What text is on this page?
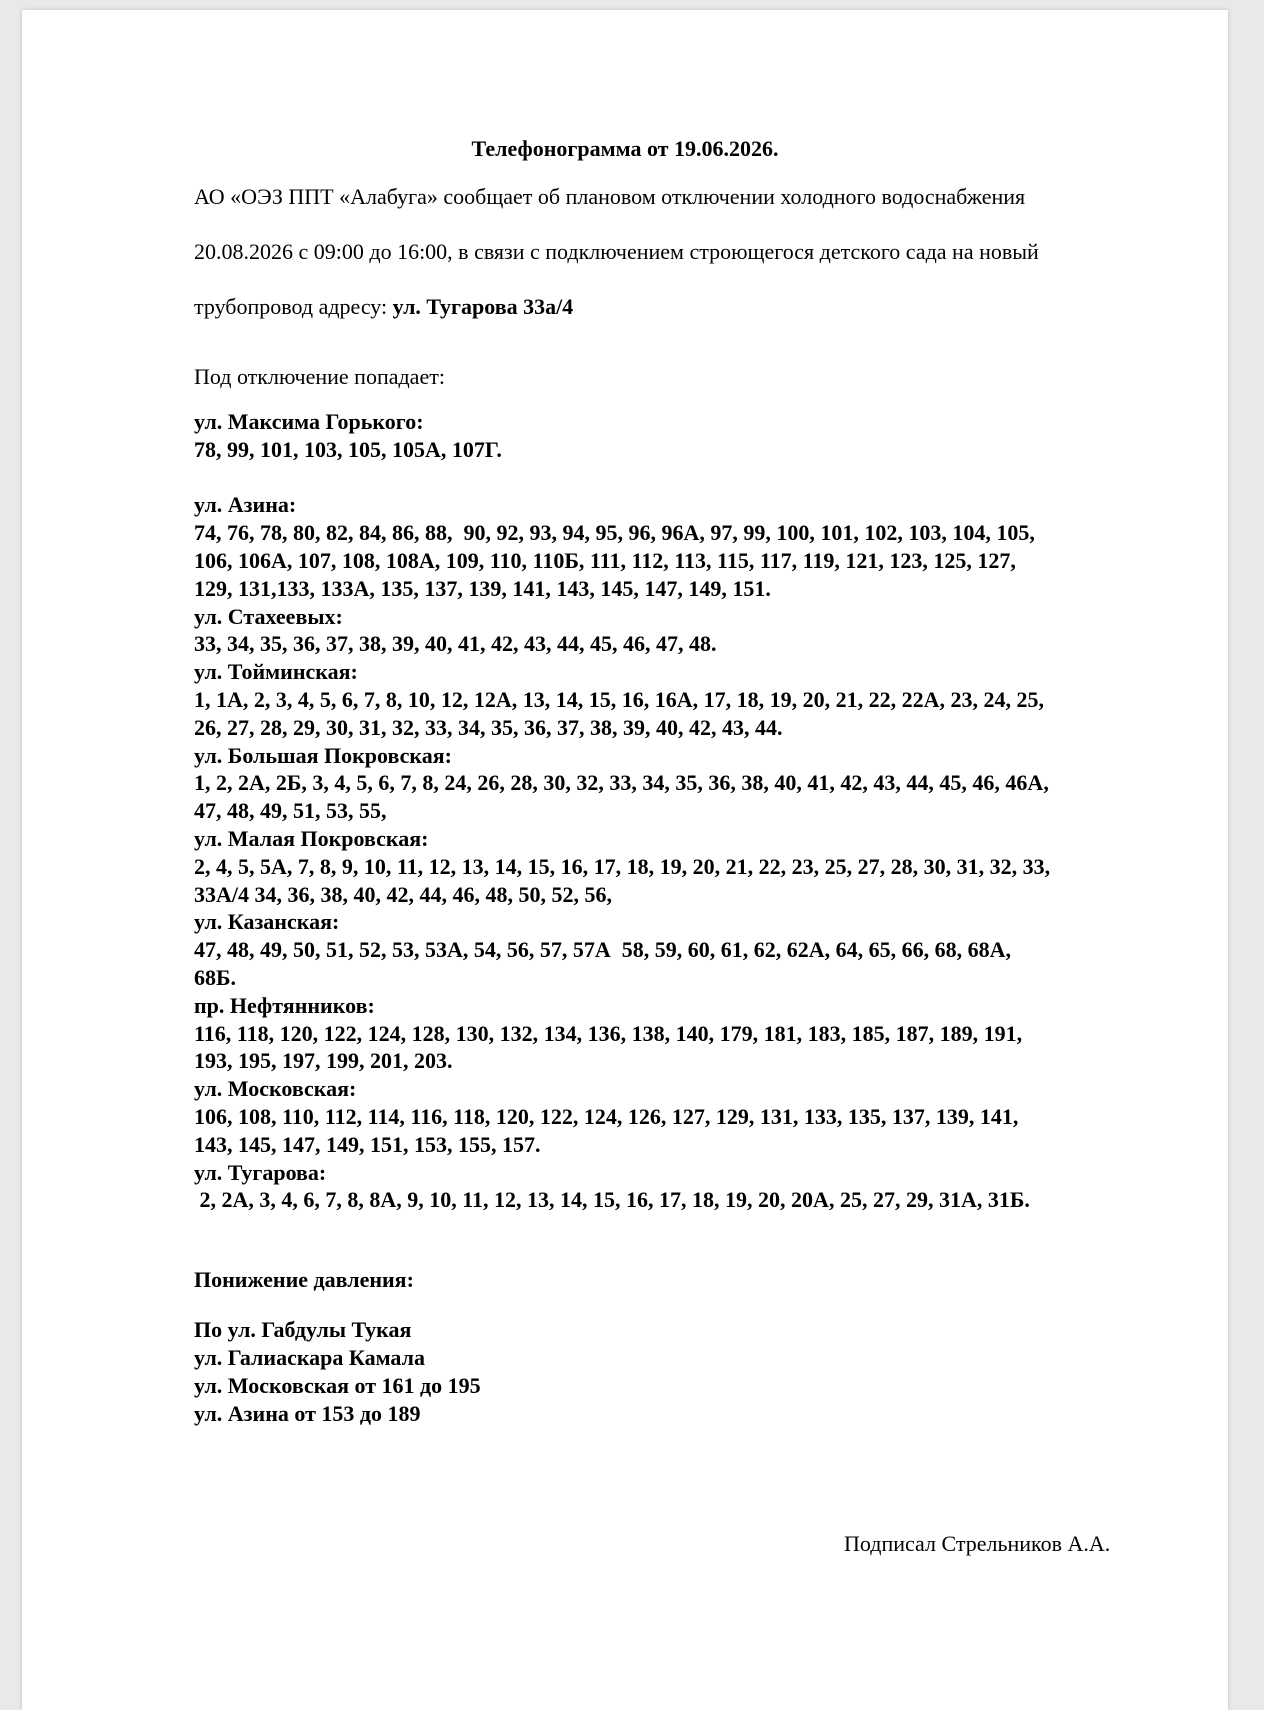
Телефонограмма от 19.06.2026.
АО «ОЭЗ ППТ «Алабуга» сообщает об плановом отключении холодного водоснабжения
20.08.2026 с 09:00 до 16:00, в связи с подключением строющегося детского сада на новый
трубопровод адресу: ул. Тугарова 33а/4
Под отключение попадает:
ул. Максима Горького:
78, 99, 101, 103, 105, 105А, 107Г.
ул. Азина:
74, 76, 78, 80, 82, 84, 86, 88,  90, 92, 93, 94, 95, 96, 96А, 97, 99, 100, 101, 102, 103, 104, 105,
106, 106А, 107, 108, 108А, 109, 110, 110Б, 111, 112, 113, 115, 117, 119, 121, 123, 125, 127,
129, 131,133, 133А, 135, 137, 139, 141, 143, 145, 147, 149, 151.
ул. Стахеевых:
33, 34, 35, 36, 37, 38, 39, 40, 41, 42, 43, 44, 45, 46, 47, 48.
ул. Тойминская:
1, 1А, 2, 3, 4, 5, 6, 7, 8, 10, 12, 12А, 13, 14, 15, 16, 16А, 17, 18, 19, 20, 21, 22, 22А, 23, 24, 25,
26, 27, 28, 29, 30, 31, 32, 33, 34, 35, 36, 37, 38, 39, 40, 42, 43, 44.
ул. Большая Покровская:
1, 2, 2А, 2Б, 3, 4, 5, 6, 7, 8, 24, 26, 28, 30, 32, 33, 34, 35, 36, 38, 40, 41, 42, 43, 44, 45, 46, 46А,
47, 48, 49, 51, 53, 55,
ул. Малая Покровская:
2, 4, 5, 5А, 7, 8, 9, 10, 11, 12, 13, 14, 15, 16, 17, 18, 19, 20, 21, 22, 23, 25, 27, 28, 30, 31, 32, 33,
33А/4 34, 36, 38, 40, 42, 44, 46, 48, 50, 52, 56,
ул. Казанская:
47, 48, 49, 50, 51, 52, 53, 53А, 54, 56, 57, 57А  58, 59, 60, 61, 62, 62А, 64, 65, 66, 68, 68А,
68Б.
пр. Нефтянников:
116, 118, 120, 122, 124, 128, 130, 132, 134, 136, 138, 140, 179, 181, 183, 185, 187, 189, 191,
193, 195, 197, 199, 201, 203.
ул. Московская:
106, 108, 110, 112, 114, 116, 118, 120, 122, 124, 126, 127, 129, 131, 133, 135, 137, 139, 141,
143, 145, 147, 149, 151, 153, 155, 157.
ул. Тугарова:
2, 2А, 3, 4, 6, 7, 8, 8А, 9, 10, 11, 12, 13, 14, 15, 16, 17, 18, 19, 20, 20А, 25, 27, 29, 31А, 31Б.
Понижение давления:
По ул. Габдулы Тукая
ул. Галиаскара Камала
ул. Московская от 161 до 195
ул. Азина от 153 до 189
Подписал Стрельников А.А.
